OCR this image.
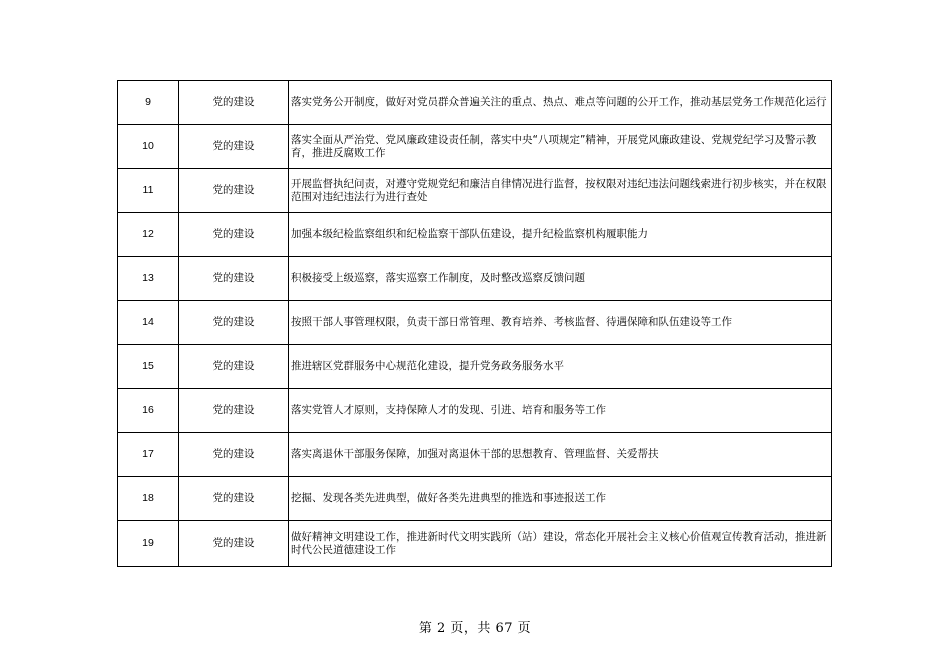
9	党的建设	落实党务公开制度，做好对党员群众普遍关注的重点、热点、难点等问题的公开工作，推动基层党务工作规范化运行
10	党的建设	落实全面从严治党、党风廉政建设责任制，落实中央“八项规定”精神，开展党风廉政建设、党规党纪学习及警示教育，推进反腐败工作
11	党的建设	开展监督执纪问责，对遵守党规党纪和廉洁自律情况进行监督，按权限对违纪违法问题线索进行初步核实，并在权限范围对违纪违法行为进行查处
12	党的建设	加强本级纪检监察组织和纪检监察干部队伍建设，提升纪检监察机构履职能力
13	党的建设	积极接受上级巡察，落实巡察工作制度，及时整改巡察反馈问题
14	党的建设	按照干部人事管理权限，负责干部日常管理、教育培养、考核监督、待遇保障和队伍建设等工作
15	党的建设	推进辖区党群服务中心规范化建设，提升党务政务服务水平
16	党的建设	落实党管人才原则，支持保障人才的发现、引进、培育和服务等工作
17	党的建设	落实离退休干部服务保障，加强对离退休干部的思想教育、管理监督、关爱帮扶
18	党的建设	挖掘、发现各类先进典型，做好各类先进典型的推选和事迹报送工作
19	党的建设	做好精神文明建设工作，推进新时代文明实践所（站）建设，常态化开展社会主义核心价值观宣传教育活动，推进新时代公民道德建设工作
第 2 页，共 67 页
